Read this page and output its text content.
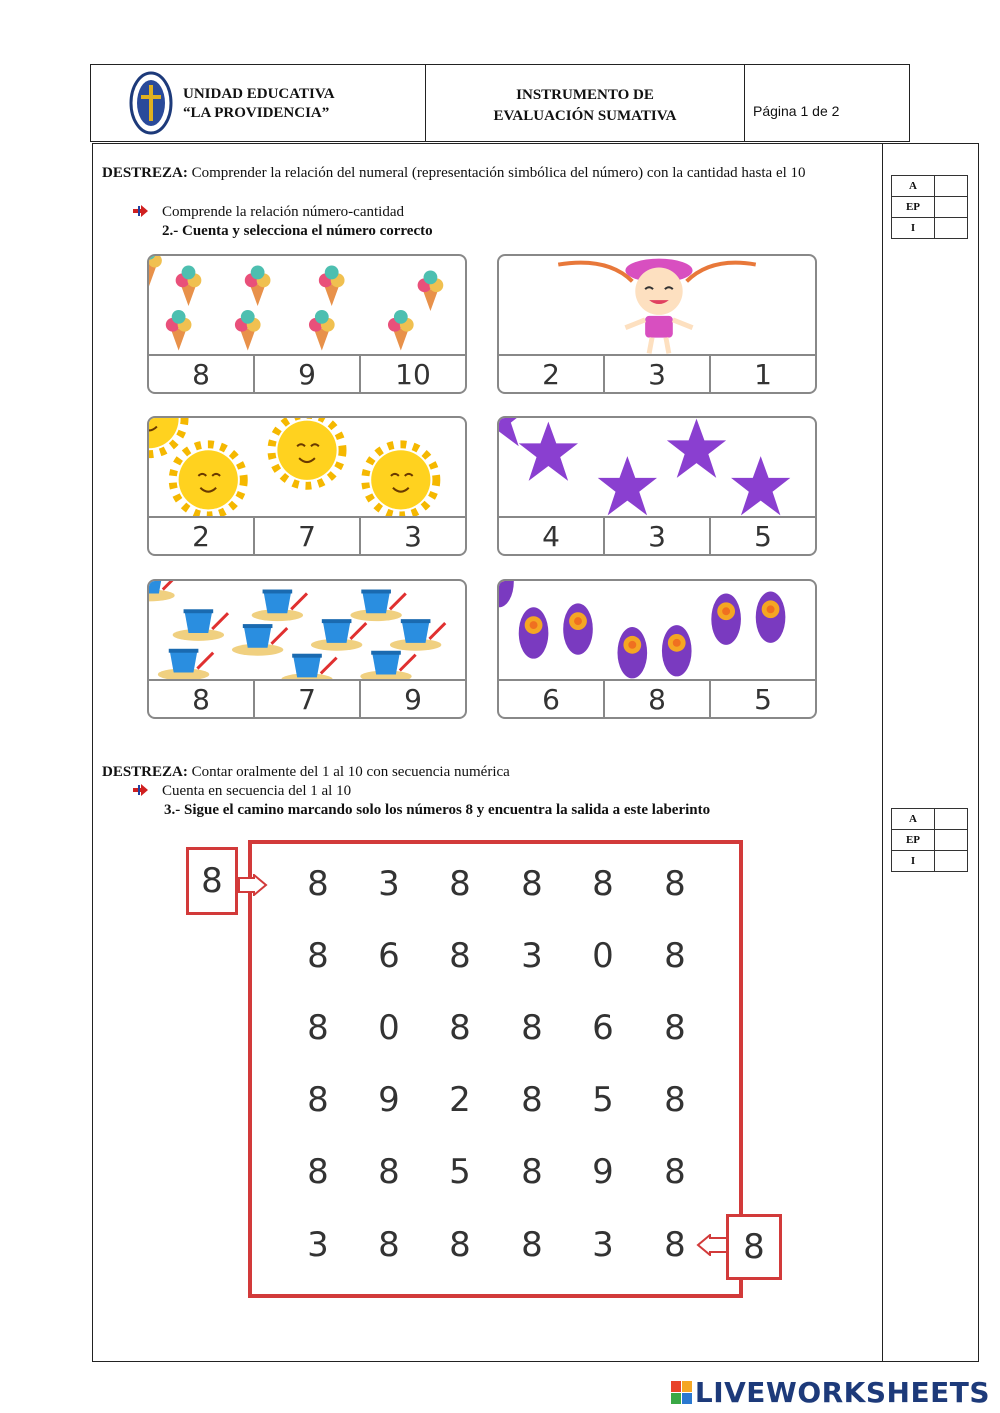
UNIDAD EDUCATIVA
“LA PROVIDENCIA”
INSTRUMENTO DE
EVALUACIÓN SUMATIVA	Página 1 de 2
DESTREZA: Comprender la relación del numeral (representación simbólica del número) con la cantidad hasta el 10
Comprende la relación número-cantidad
2.- Cuenta y selecciona el número correcto
A	
EP	
I	
8	9	10	2	3	1
2	7	3	4	3	5
8	7	9	6	8	5
DESTREZA: Contar oralmente del 1 al 10 con secuencia numérica
Cuenta en secuencia del 1 al 10
3.- Sigue el camino marcando solo los números 8 y encuentra la salida a este laberinto
A	
EP	
I	
8	3	8	8	8	8
8	6	8	3	0	8
8	0	8	8	6	8
8	9	2	8	5	8
8	8	5	8	9	8
3	8	8	8	3	8
8
8
LIVEWORKSHEETS
